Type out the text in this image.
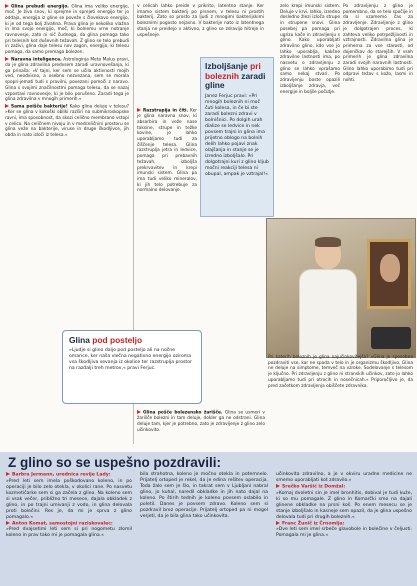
Glina prebudi energijo. Glina ima veliko energije, moč. Je živa snov, ki sprejme in sprejeti energijo ter jo oddaja, energija iz gline se poveže s človekovo energijo, ki je od tega bolj živahna. Prava glina je nekoliko vlažna in ima svojo energijo, moč, ki bolnemu vrne notranje ravnovesje, zato ni nič čudnega, da glina pomaga tako pri telesnih kot duševnih težavah. Z glino se telo prebudi in zaživi, glina daje telesu nov zagon, energijo, ki telesu pomaga, da samo premaga bolezen.

Naravna inteligenca. Astrologinja Meta Malus pravi, da je glina zdravilna predvsem zaradi uravnovešanja, ki ga prinaša: »V tajni, ker sem se učila aktivnosti mojih ved, neodvisno, a osebno nezvezana, sem se morala spopri-jemati tudi s pravilni, povezani pomoči z naravo. Glina s svojimi značilnostmi pomaga telesu, da se nazaj vzpostavi ravnovesje, ki je bilo porušeno. Zaradi tega je glina zdravilna v mnogih primerih.«

Sama poišče bakterije! Kako glina deluje v telesu? »Ker se glina v kokoški obliki razširi na submikroskopske ravni, ima sposobnost, da skozi celično membrano vstopi v celico. Na celičnem nivoju in v medceličnini prostoru se glina veže na bakterije, viruse in druge škodljivce, jih obda in nato izloči iz telesa.«

v celicah lahko preide v prikrito, latentno stanje. Ker imamo sistem bakterij po prsnem, v telesu ni prostih bakterij. Zato so prosto za ljudi z mnogimi bakterijskimi boleznimi pogosto nejasno. V bakterije nato iz latentnega stanja ne preidejo v aktivno, z glino se zdravijo hitreje in uspešneje.

Razstrupija in čiti. Ker je glina naravna snov, ki absorbira in veže nase toksine, strupe in težke kovine, jo lahko uporabljamo tudi za čiščenje telesa. Glina razstruplja jetra in ledvice, pomaga pri prebavnih težavah, izboljša prekrvavitev in krepi imunski sistem. Glina pa ima tudi veliko mineralov, ki jih telo potrebuje za normalno delovanje.

Izboljšanje pri boleznih zaradi gline

Janez Ferjuc pravi: »Pri mnogih boleznih ni moč čuti kolesa, in če bi ste zaradi bolezni zdravi v bolnišnici. Po dolgih urah dialize se ledvice in nek povsem trajni in glina ima prijetno oblogo na bolnih delih lahko pojavi znak olajšanja in stanje se je izredno izboljšalo. Pri dolgotrajni kuri z glino kljub močni reakciji telesa ni obupal, ampak je vztrajal!«

zelo krepi imunski sistem. Deluje v krvi, lahko, izredno dosledno žlezi izloča strupe in strupene snovi. Glina posebej pa pomaga pri ugrizu kače in zdravljenju s glino. Kako uporabljati zdravilno glino, kdo vse jo lahko uporablja, kakšne zdravilne lastnosti ima, po nasvetu o zdravljenju z glino se lahko vprašamo samo nekaj stvari. Po zdravljenju boste opazili izboljšanje zdravja, več energije in boljše počutje.

Po zdravljenju z glino je pomembno, da se telo spočije in da si vzamemo čas za zdravljenje. Zdravljenje z glino je dolgotrajen proces, ki zahteva veliko potrpežljivosti in vztrajnosti. Zdravilna glina je primerna za vse starosti, od dojenčkov do starejših. V vseh primerih je glina zdravilna zaradi svojih naravnih lastnosti. Glino lahko uporabimo tudi pri odpravi težav s kožo, lasmi in nohti.

Glina pod posteljo

»Ljudje si glino daljo pod posteljo ali na nočne omarice, ker naša vlečna negativno energijo oziroma vsa škodljiva sevanja iz okolice ter razstruplja prostor na razdalji treh metrov,« pravi Ferjuc.

Pri katerih boleznih je glina najučinkovitejša? »Glina je sposobna pozdraviti vse, kar ne spada v telo in je organizmu škodljivo. Glina ne deluje na simptome, temveč na vzroke. Sodelovanje s telesom je ključno. Pri zdravljenju z glino ni stranskih učinkov, zato jo lahko uporabljamo tudi pri otrocih in nosečnicah.« Priporočljivo je, da pred začetkom zdravljenja obiščete zdravnika.

Glina pošče bolezensko žarišče. Glina se usmeri v žarišče bolezni in tam deluje, dokler ga ne odstrani. Glina deluje tam, kjer je potrebno, zato je zdravljenje z glino zelo učinkovito.

Z glino so se uspešno pozdravili:

Barbra Jermann, urednica revije Lady:

»Pred leti sem imela poškodovano koleno, in po operaciji je bilo zelo otekla, v okolici rane. Po nasvetu kozmetičarke sem si ga začela z glino. Na koleno sem si vsak večer, približno tri mesece, dajala obkladek z glino, in po trajni umivanji z vodo, in glina delovala proti bolečini. Res je, da mi je sprva z glino pomagalo.«

Anton Komat, samostojni raziskovalec:

»Pred dvajsetimi leti sem si pri nogometu zlomil koleno in prav tako mi je pomagala glina.«

bila strahotna, koleno je močno otekla in potemnelo. Prijatelj ortoped je rekel, da je edina rešitev operacija. Toda žalo sem je šlo, in takrat sem v Ljubljani nabral glino, jo kuhal, naredil obkladke in jih nato dajal na koleno. Po štirih tednih je koleno povsem oslabilo in poletil. Danes je povsem zdravo. Koleno sem si pozdravil brez operacije. Prijatelj ortoped pa ni mogel verjeti, da je bila glina tako učinkovita.

učinkovita zdravilno, a je v okviru uradne medicine ne smemo uporabljati kot zdravilo.«

Srečko Varšić iz Domžal:

»Komaj dvoletni sin je imel bronhitis, dobival je tudi kuže, ki so mu pomagale. Z glino in Komarčki smo na dajali glinene obkladke na prsni koš. Po enem mesecu se je stanje izboljšalo in kasneje sem opazil, da je glina uspešno delovala tudi pri drugih boleznih.«

Franc Žunič iz Črnomlja:

»Dve leti sem imel srbeče glavobole in bolečine v čeljusti. Pomagala mi je glina.«
